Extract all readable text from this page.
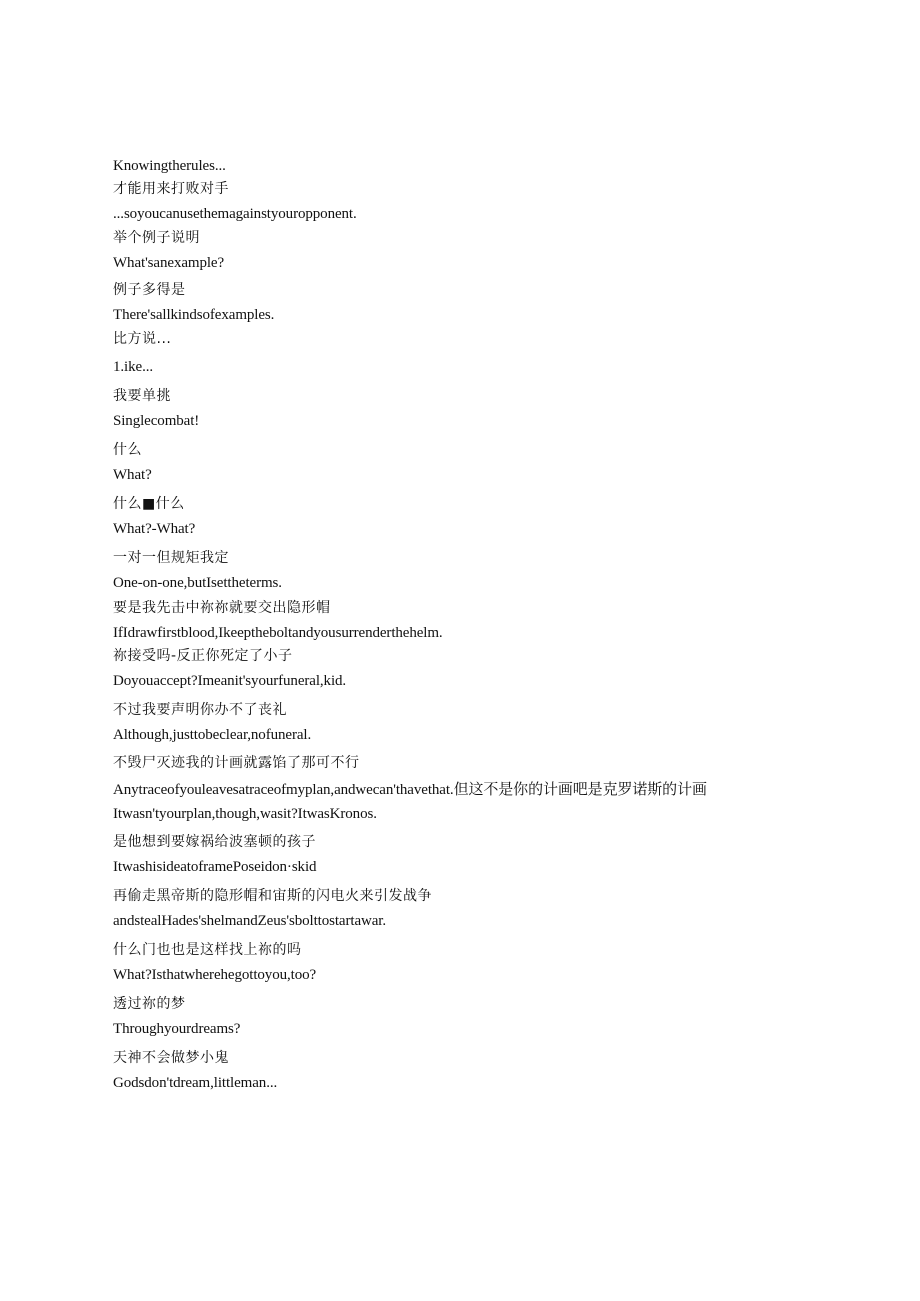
Knowingtherules...
才能用来打败对手
...soyoucanusethemagainstyouropponent.
举个例子说明
What'sanexample?
例子多得是
There'sallkindsofexamples.
比方说...
1.ike...
我要单挑
Singlecombat!
什么
What?
什么■什么
What?-What?
一对一但规矩我定
One-on-one,butIsettheterms.
要是我先击中祢祢就要交出隐形帽
IfIdrawfirstblood,Ikeeptheboltandyousurrenderthehelm.
祢接受吗-反正你死定了小子
Doyouaccept?Imeanit'syourfuneral,kid.
不过我要声明你办不了丧礼
Although,justtobeclear,nofuneral.
不毁尸灭迹我的计画就露馅了那可不行
Anytraceofyouleavesatraceofmyplan,andwecan'thavethat.但这不是你的计画吧是克罗诺斯的计画
Itwasn'tyourplan,though,wasit?ItwasKronos.
是他想到要嫁祸给波塞顿的孩子
ItwashisideatoframePoseidon·skid
再偷走黑帝斯的隐形帽和宙斯的闪电火来引发战争
andstealHades'shelmandZeus'sbolttostartawar.
什么门也也是这样找上祢的吗
What?Isthatwherehegottoyou,too?
透过祢的梦
Throughyourdreams?
天神不会做梦小鬼
Godsdon'tdream,littleman...
